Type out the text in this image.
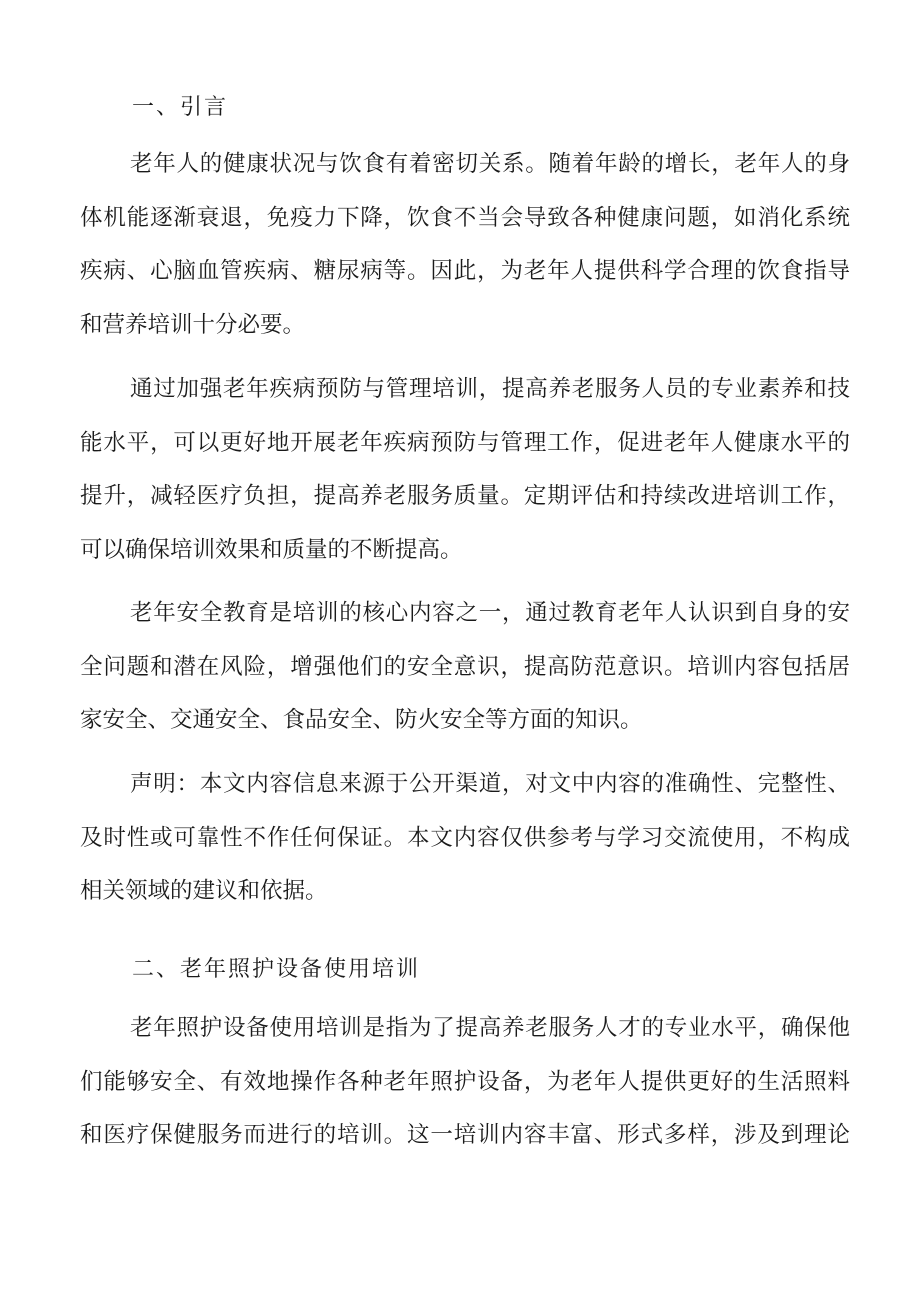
一、引言
老年人的健康状况与饮食有着密切关系。随着年龄的增长，老年人的身
体机能逐渐衰退，免疫力下降，饮食不当会导致各种健康问题，如消化系统
疾病、心脑血管疾病、糖尿病等。因此，为老年人提供科学合理的饮食指导
和营养培训十分必要。
通过加强老年疾病预防与管理培训，提高养老服务人员的专业素养和技
能水平，可以更好地开展老年疾病预防与管理工作，促进老年人健康水平的
提升，减轻医疗负担，提高养老服务质量。定期评估和持续改进培训工作，
可以确保培训效果和质量的不断提高。
老年安全教育是培训的核心内容之一，通过教育老年人认识到自身的安
全问题和潜在风险，增强他们的安全意识，提高防范意识。培训内容包括居
家安全、交通安全、食品安全、防火安全等方面的知识。
声明：本文内容信息来源于公开渠道，对文中内容的准确性、完整性、
及时性或可靠性不作任何保证。本文内容仅供参考与学习交流使用，不构成
相关领域的建议和依据。
二、老年照护设备使用培训
老年照护设备使用培训是指为了提高养老服务人才的专业水平，确保他
们能够安全、有效地操作各种老年照护设备，为老年人提供更好的生活照料
和医疗保健服务而进行的培训。这一培训内容丰富、形式多样，涉及到理论
